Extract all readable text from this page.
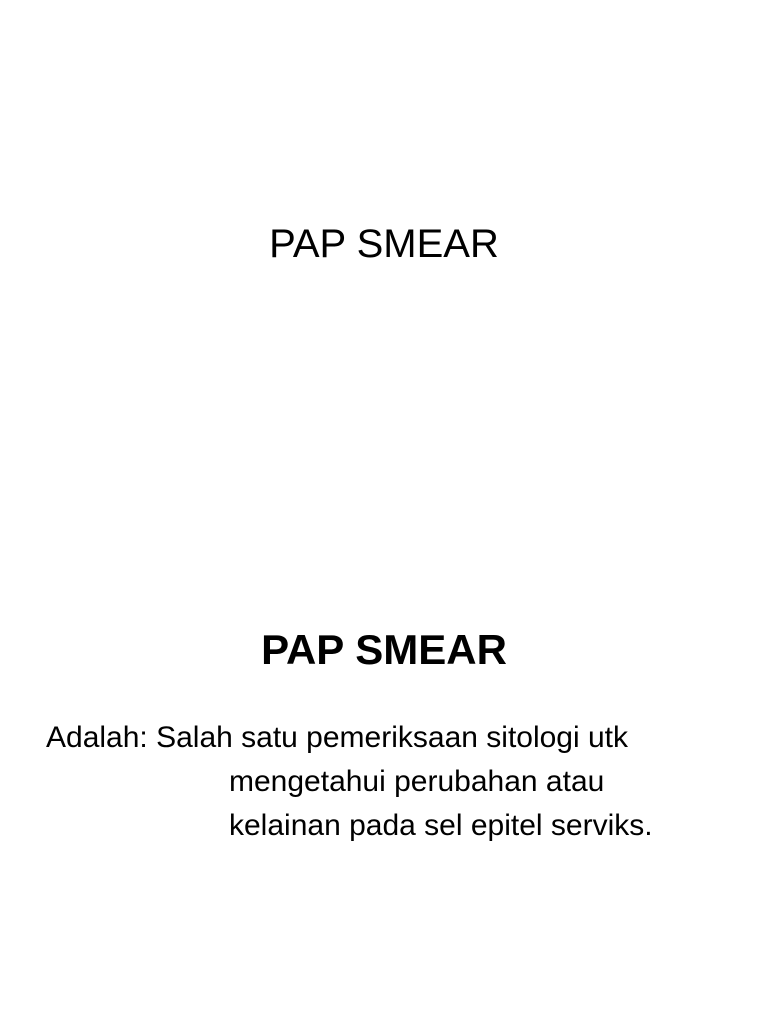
PAP SMEAR
PAP SMEAR

Adalah: Salah satu pemeriksaan sitologi utk
mengetahui perubahan atau
kelainan pada sel epitel serviks.
